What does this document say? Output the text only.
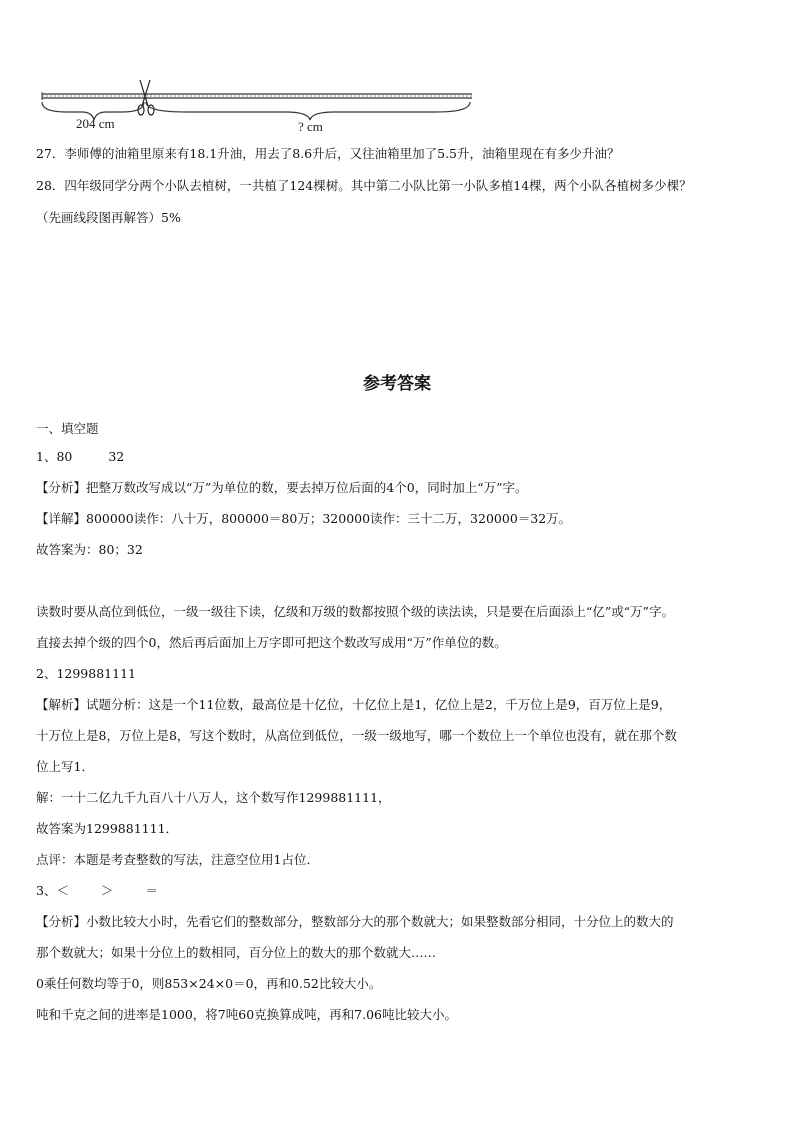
204 cm	? cm
27．李师傅的油箱里原来有18.1升油，用去了8.6升后，又往油箱里加了5.5升，油箱里现在有多少升油？
28．四年级同学分两个小队去植树，一共植了124棵树。其中第二小队比第一小队多植14棵，两个小队各植树多少棵？
（先画线段图再解答）5%
参考答案
一、填空题
1、80	32
【分析】把整万数改写成以“万”为单位的数，要去掉万位后面的4个0，同时加上“万”字。
【详解】800000读作：八十万，800000＝80万；320000读作：三十二万，320000＝32万。
故答案为：80；32
读数时要从高位到低位，一级一级往下读，亿级和万级的数都按照个级的读法读，只是要在后面添上“亿”或“万”字。
直接去掉个级的四个0，然后再后面加上万字即可把这个数改写成用“万”作单位的数。
2、1299881111
【解析】试题分析：这是一个11位数，最高位是十亿位，十亿位上是1，亿位上是2，千万位上是9，百万位上是9，
十万位上是8，万位上是8，写这个数时，从高位到低位，一级一级地写，哪一个数位上一个单位也没有，就在那个数
位上写1．
解：一十二亿九千九百八十八万人，这个数写作1299881111，
故答案为1299881111．
点评：本题是考查整数的写法，注意空位用1占位．
3、＜	＞	＝
【分析】小数比较大小时，先看它们的整数部分，整数部分大的那个数就大；如果整数部分相同，十分位上的数大的
那个数就大；如果十分位上的数相同，百分位上的数大的那个数就大……
0乘任何数均等于0，则853×24×0＝0，再和0.52比较大小。
吨和千克之间的进率是1000，将7吨60克换算成吨，再和7.06吨比较大小。
